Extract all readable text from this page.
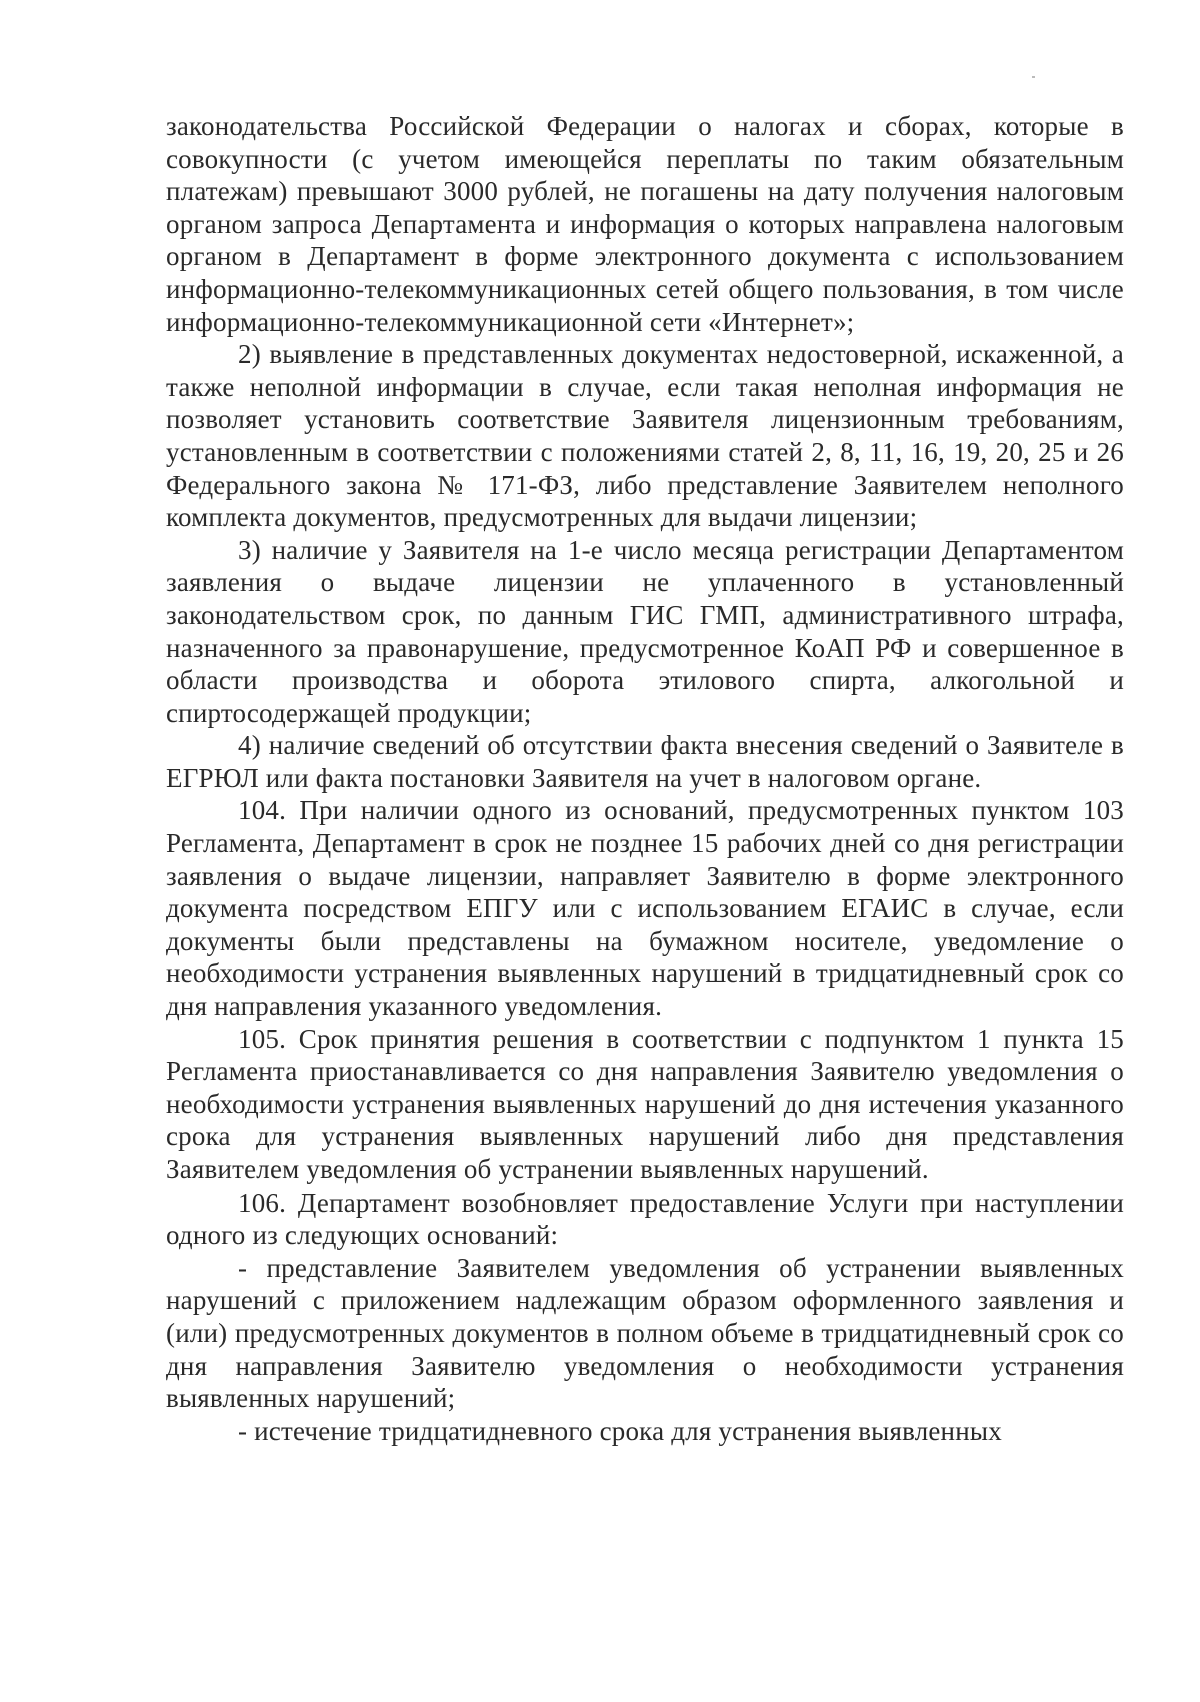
законодательства Российской Федерации о налогах и сборах, которые в совокупности (с учетом имеющейся переплаты по таким обязательным платежам) превышают 3000 рублей, не погашены на дату получения налоговым органом запроса Департамента и информация о которых направлена налоговым органом в Департамент в форме электронного документа с использованием информационно-телекоммуникационных сетей общего пользования, в том числе информационно-телекоммуникационной сети «Интернет»;

2) выявление в представленных документах недостоверной, искаженной, а также неполной информации в случае, если такая неполная информация не позволяет установить соответствие Заявителя лицензионным требованиям, установленным в соответствии с положениями статей 2, 8, 11, 16, 19, 20, 25 и 26 Федерального закона № 171-ФЗ, либо представление Заявителем неполного комплекта документов, предусмотренных для выдачи лицензии;

3) наличие у Заявителя на 1-е число месяца регистрации Департаментом заявления о выдаче лицензии не уплаченного в установленный законодательством срок, по данным ГИС ГМП, административного штрафа, назначенного за правонарушение, предусмотренное КоАП РФ и совершенное в области производства и оборота этилового спирта, алкогольной и спиртосодержащей продукции;

4) наличие сведений об отсутствии факта внесения сведений о Заявителе в ЕГРЮЛ или факта постановки Заявителя на учет в налоговом органе.

104. При наличии одного из оснований, предусмотренных пунктом 103 Регламента, Департамент в срок не позднее 15 рабочих дней со дня регистрации заявления о выдаче лицензии, направляет Заявителю в форме электронного документа посредством ЕПГУ или с использованием ЕГАИС в случае, если документы были представлены на бумажном носителе, уведомление о необходимости устранения выявленных нарушений в тридцатидневный срок со дня направления указанного уведомления.

105. Срок принятия решения в соответствии с подпунктом 1 пункта 15 Регламента приостанавливается со дня направления Заявителю уведомления о необходимости устранения выявленных нарушений до дня истечения указанного срока для устранения выявленных нарушений либо дня представления Заявителем уведомления об устранении выявленных нарушений.

106. Департамент возобновляет предоставление Услуги при наступлении одного из следующих оснований:

- представление Заявителем уведомления об устранении выявленных нарушений с приложением надлежащим образом оформленного заявления и (или) предусмотренных документов в полном объеме в тридцатидневный срок со дня направления Заявителю уведомления о необходимости устранения выявленных нарушений;

- истечение тридцатидневного срока для устранения выявленных
